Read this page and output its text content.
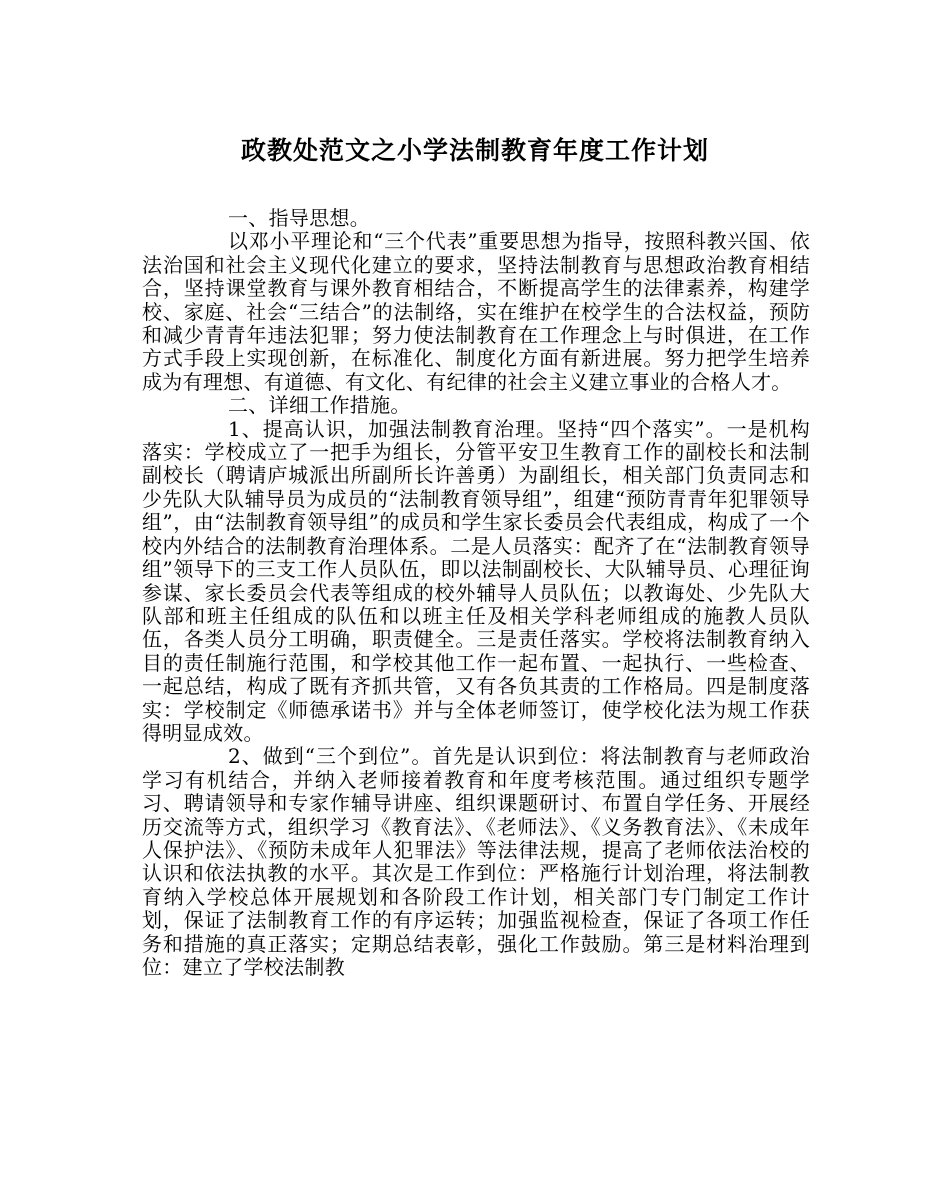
政教处范文之小学法制教育年度工作计划

一、指导思想。

以邓小平理论和“三个代表”重要思想为指导，按照科教兴国、依法治国和社会主义现代化建立的要求，坚持法制教育与思想政治教育相结合，坚持课堂教育与课外教育相结合，不断提高学生的法律素养，构建学校、家庭、社会“三结合”的法制络，实在维护在校学生的合法权益，预防和减少青青年违法犯罪；努力使法制教育在工作理念上与时俱进，在工作方式手段上实现创新，在标准化、制度化方面有新进展。努力把学生培养成为有理想、有道德、有文化、有纪律的社会主义建立事业的合格人才。

二、详细工作措施。

1、提高认识，加强法制教育治理。坚持“四个落实”。一是机构落实：学校成立了一把手为组长，分管平安卫生教育工作的副校长和法制副校长（聘请庐城派出所副所长许善勇）为副组长，相关部门负责同志和少先队大队辅导员为成员的“法制教育领导组”，组建“预防青青年犯罪领导组”，由“法制教育领导组”的成员和学生家长委员会代表组成，构成了一个校内外结合的法制教育治理体系。二是人员落实：配齐了在“法制教育领导组”领导下的三支工作人员队伍，即以法制副校长、大队辅导员、心理征询参谋、家长委员会代表等组成的校外辅导人员队伍；以教诲处、少先队大队部和班主任组成的队伍和以班主任及相关学科老师组成的施教人员队伍，各类人员分工明确，职责健全。三是责任落实。学校将法制教育纳入目的责任制施行范围，和学校其他工作一起布置、一起执行、一些检查、一起总结，构成了既有齐抓共管，又有各负其责的工作格局。四是制度落实：学校制定《师德承诺书》并与全体老师签订，使学校化法为规工作获得明显成效。

2、做到“三个到位”。首先是认识到位：将法制教育与老师政治学习有机结合，并纳入老师接着教育和年度考核范围。通过组织专题学习、聘请领导和专家作辅导讲座、组织课题研讨、布置自学任务、开展经历交流等方式，组织学习《教育法》、《老师法》、《义务教育法》、《未成年人保护法》、《预防未成年人犯罪法》等法律法规，提高了老师依法治校的认识和依法执教的水平。其次是工作到位：严格施行计划治理，将法制教育纳入学校总体开展规划和各阶段工作计划，相关部门专门制定工作计划，保证了法制教育工作的有序运转；加强监视检查，保证了各项工作任务和措施的真正落实；定期总结表彰，强化工作鼓励。第三是材料治理到位：建立了学校法制教
